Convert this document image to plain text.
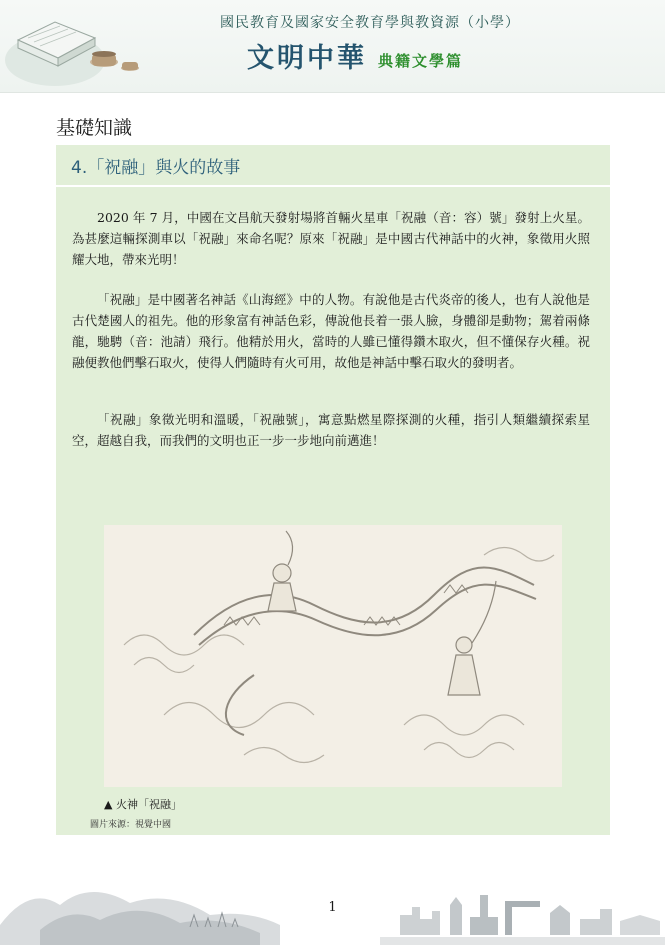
國民教育及國家安全教育學與教資源（小學）
文明中華 典籍文學篇
基礎知識
4.「祝融」與火的故事

2020 年 7 月，中國在文昌航天發射場將首輛火星車「祝融（音：容）號」發射上火星。為甚麼這輛探測車以「祝融」來命名呢？原來「祝融」是中國古代神話中的火神，象徵用火照耀大地，帶來光明！

「祝融」是中國著名神話《山海經》中的人物。有說他是古代炎帝的後人，也有人說他是古代楚國人的祖先。他的形象富有神話色彩，傳說他長着一張人臉，身體卻是動物；駕着兩條龍，馳騁（音：池請）飛行。他精於用火，當時的人雖已懂得鑽木取火，但不懂保存火種。祝融便教他們擊石取火，使得人們隨時有火可用，故他是神話中擊石取火的發明者。

「祝融」象徵光明和溫暖，「祝融號」，寓意點燃星際探測的火種，指引人類繼續探索星空，超越自我，而我們的文明也正一步一步地向前邁進！

▲ 火神「祝融」
圖片來源：視覺中國
1
